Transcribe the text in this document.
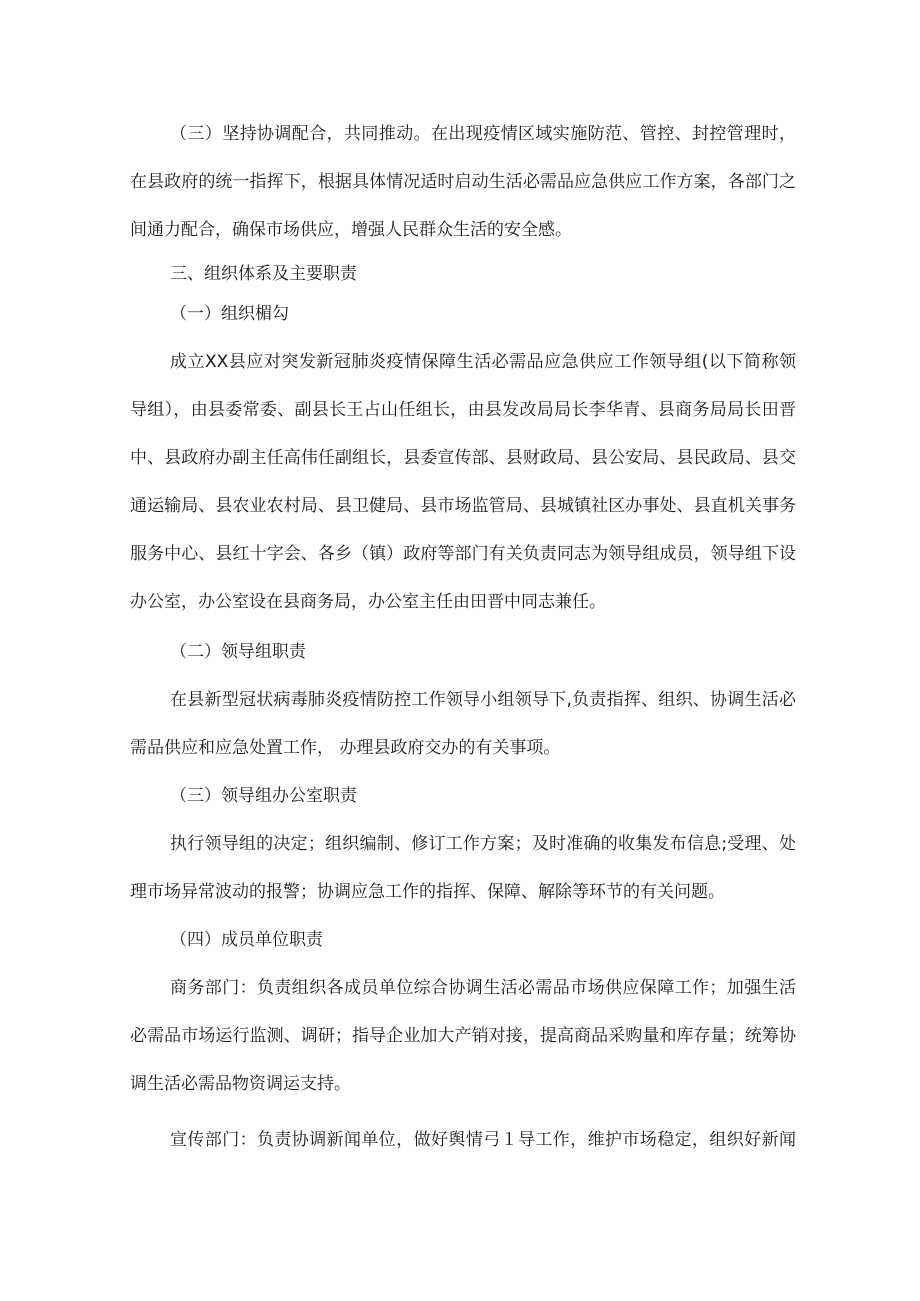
（三）坚持协调配合，共同推动。在出现疫情区域实施防范、管控、封控管理时，
在县政府的统一指挥下，根据具体情况适时启动生活必需品应急供应工作方案，各部门之
间通力配合，确保市场供应，增强人民群众生活的安全感。
三、组织体系及主要职责
（一）组织楣勾
成立XX县应对突发新冠肺炎疫情保障生活必需品应急供应工作领导组(以下简称领
导组），由县委常委、副县长王占山任组长，由县发改局局长李华青、县商务局局长田晋
中、县政府办副主任高伟任副组长，县委宣传部、县财政局、县公安局、县民政局、县交
通运输局、县农业农村局、县卫健局、县市场监管局、县城镇社区办事处、县直机关事务
服务中心、县红十字会、各乡（镇）政府等部门有关负责同志为领导组成员，领导组下设
办公室，办公室设在县商务局，办公室主任由田晋中同志兼任。
（二）领导组职责
在县新型冠状病毒肺炎疫情防控工作领导小组领导下,负责指挥、组织、协调生活必
需品供应和应急处置工作， 办理县政府交办的有关事项。
（三）领导组办公室职责
执行领导组的决定；组织编制、修订工作方案；及时准确的收集发布信息;受理、处
理市场异常波动的报警；协调应急工作的指挥、保障、解除等环节的有关问题。
（四）成员单位职责
商务部门：负责组织各成员单位综合协调生活必需品市场供应保障工作；加强生活
必需品市场运行监测、调研；指导企业加大产销对接，提高商品采购量和库存量；统筹协
调生活必需品物资调运支持。
宣传部门：负责协调新闻单位，做好舆情弓１导工作，维护市场稳定，组织好新闻
